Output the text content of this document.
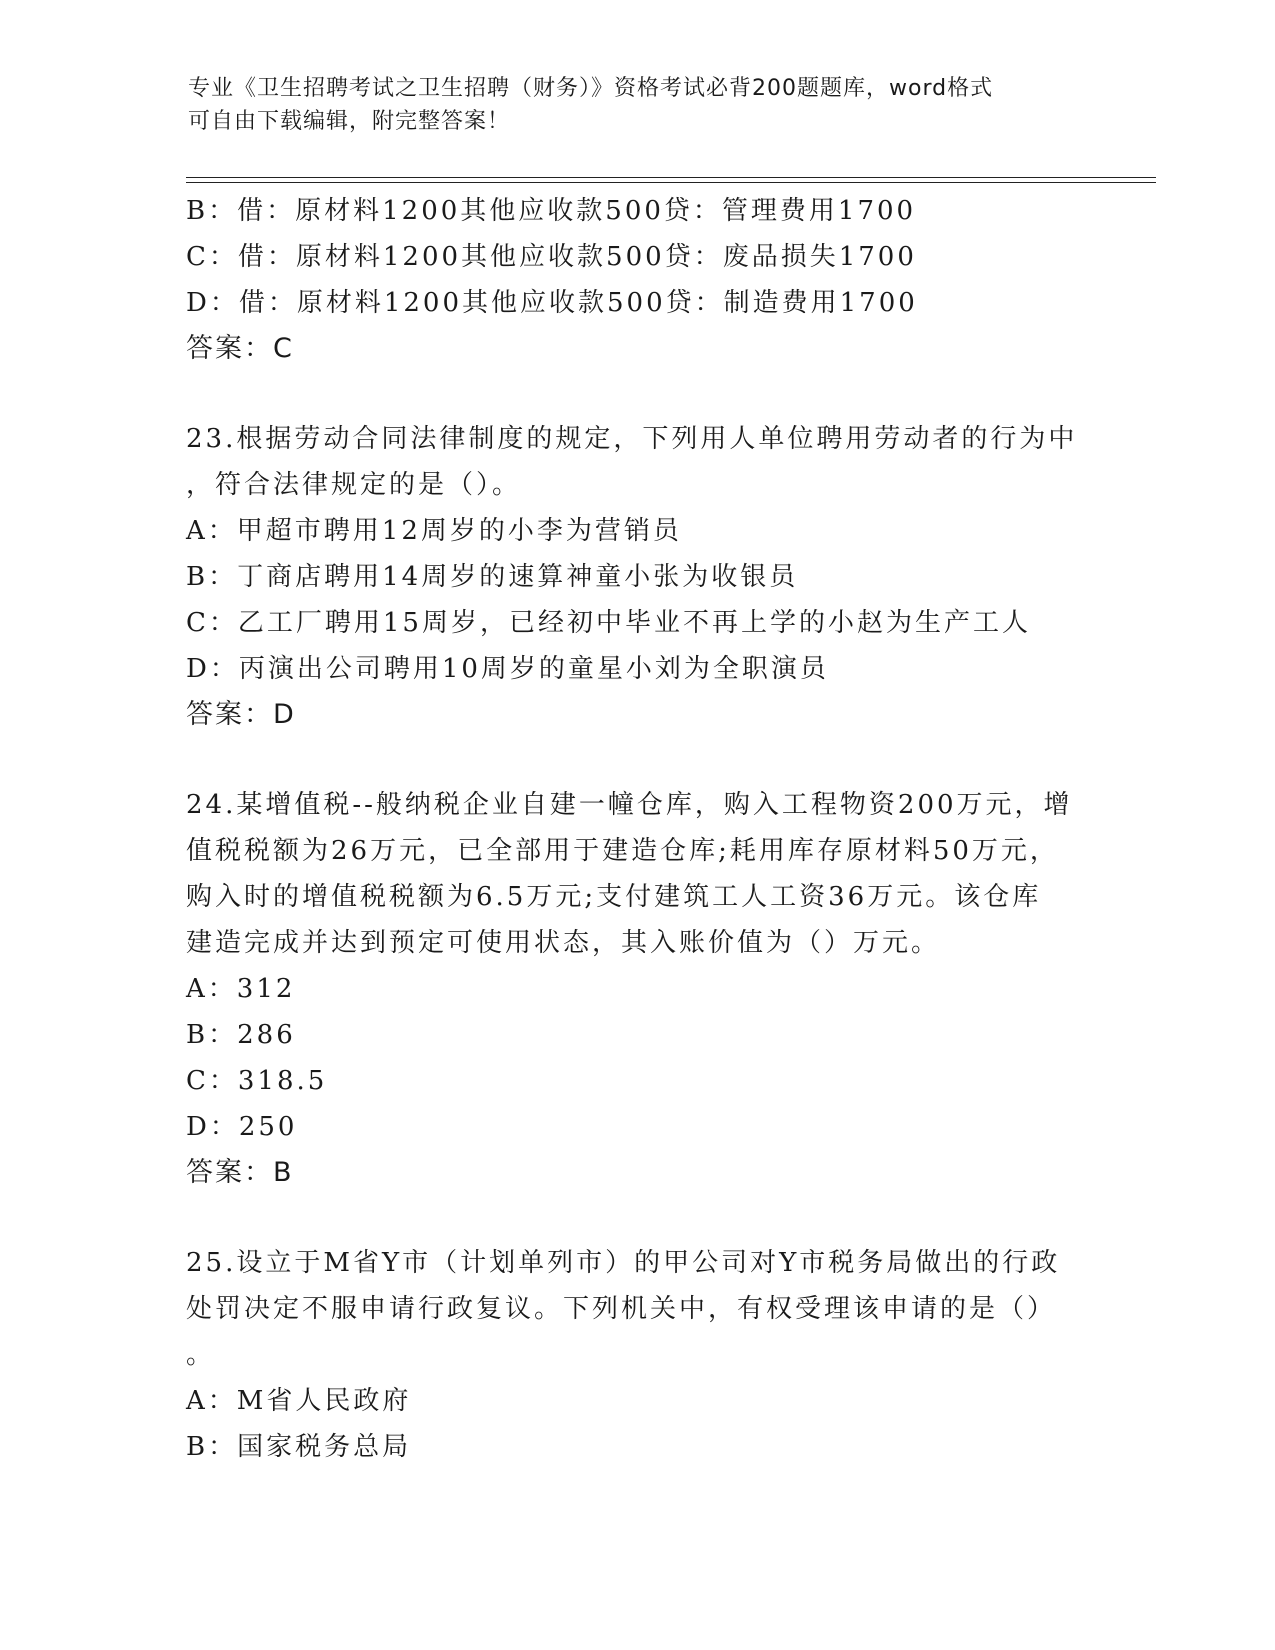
专业《卫生招聘考试之卫生招聘（财务）》资格考试必背200题题库，word格式
可自由下载编辑，附完整答案！
B：借：原材料1200其他应收款500贷：管理费用1700
C：借：原材料1200其他应收款500贷：废品损失1700
D：借：原材料1200其他应收款500贷：制造费用1700
答案：C
23.根据劳动合同法律制度的规定，下列用人单位聘用劳动者的行为中
，符合法律规定的是（）。
A：甲超市聘用12周岁的小李为营销员
B：丁商店聘用14周岁的速算神童小张为收银员
C：乙工厂聘用15周岁，已经初中毕业不再上学的小赵为生产工人
D：丙演出公司聘用10周岁的童星小刘为全职演员
答案：D
24.某增值税--般纳税企业自建一幢仓库，购入工程物资200万元，增
值税税额为26万元，已全部用于建造仓库;耗用库存原材料50万元，
购入时的增值税税额为6.5万元;支付建筑工人工资36万元。该仓库
建造完成并达到预定可使用状态，其入账价值为（）万元。
A：312
B：286
C：318.5
D：250
答案：B
25.设立于M省Y市（计划单列市）的甲公司对Y市税务局做出的行政
处罚决定不服申请行政复议。下列机关中，有权受理该申请的是（）
。
A：M省人民政府
B：国家税务总局
